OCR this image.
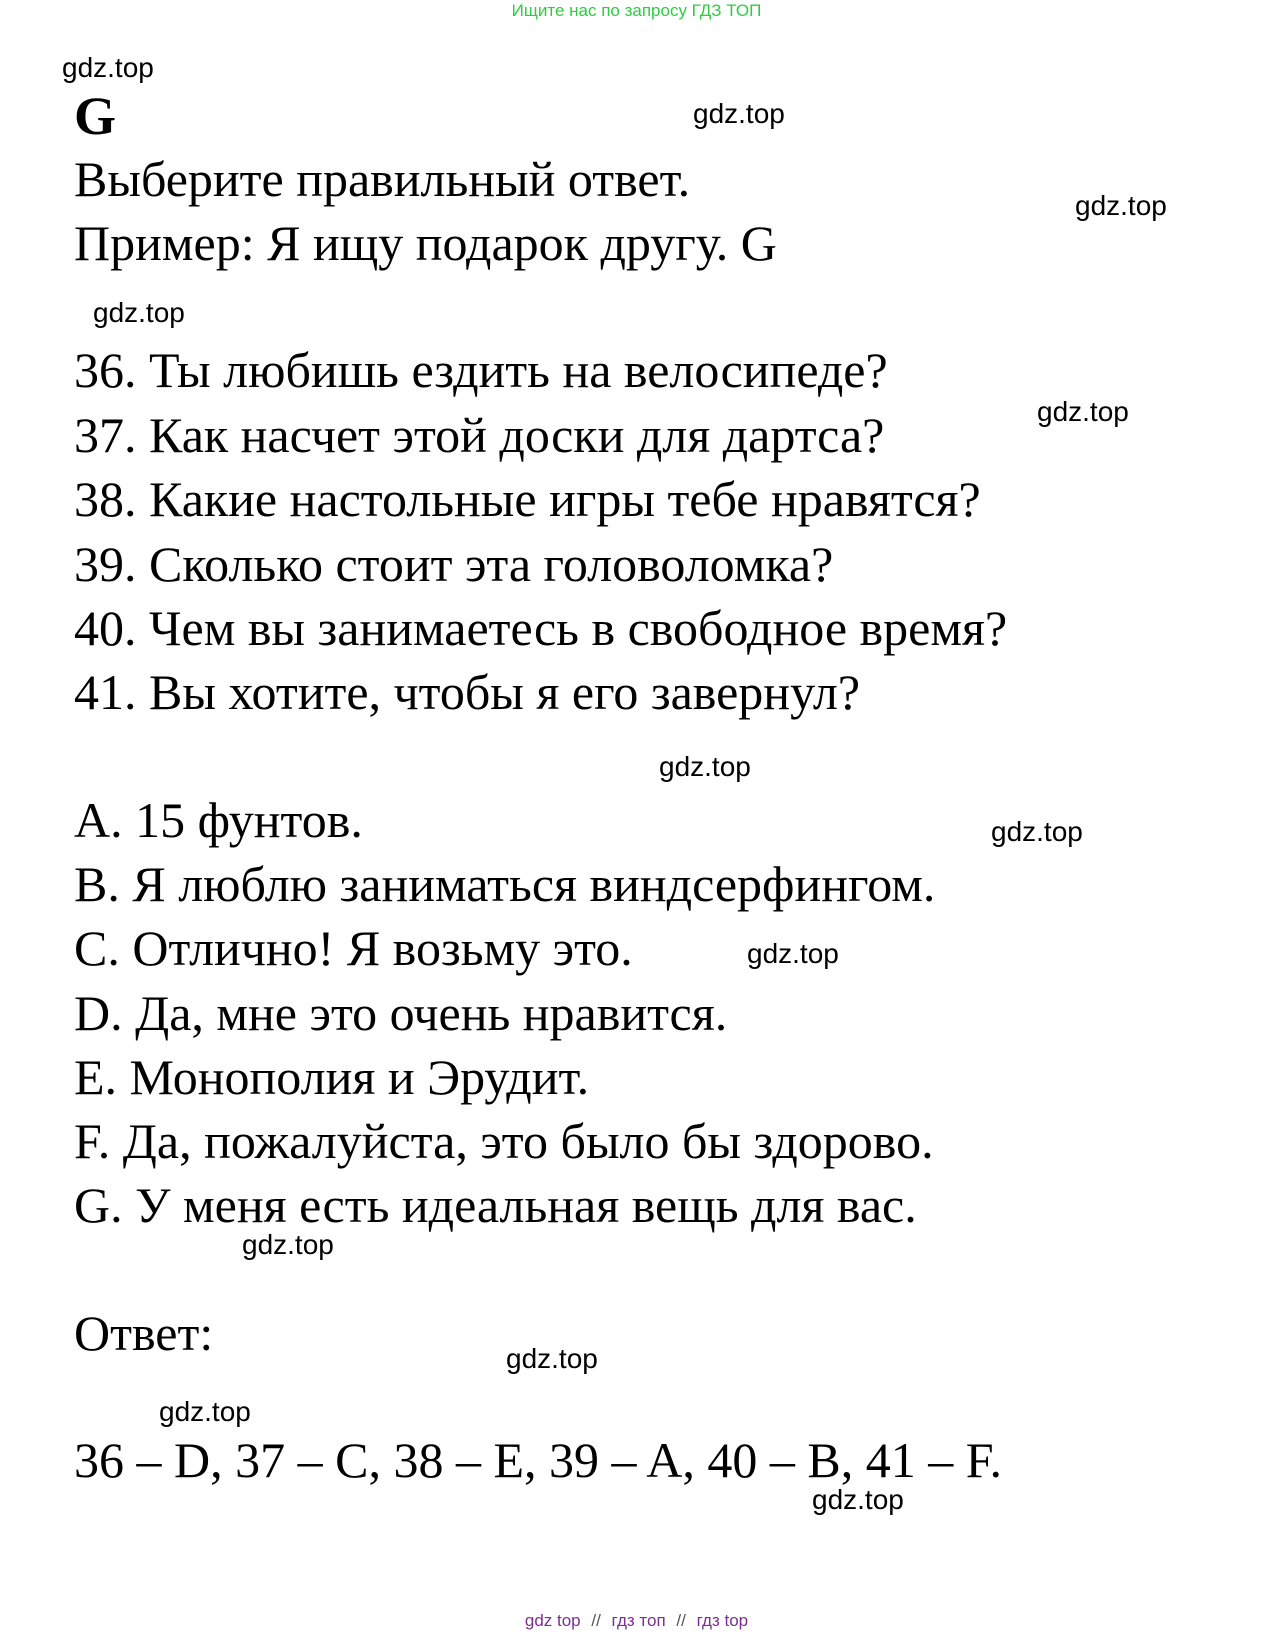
Ищите нас по запросу ГДЗ ТОП
gdz.top
gdz.top
gdz.top
gdz.top
gdz.top
gdz.top
gdz.top
gdz.top
gdz.top
gdz.top
gdz.top
gdz.top
G
Выберите правильный ответ.
Пример: Я ищу подарок другу. G
36. Ты любишь ездить на велосипеде?
37. Как насчет этой доски для дартса?
38. Какие настольные игры тебе нравятся?
39. Сколько стоит эта головоломка?
40. Чем вы занимаетесь в свободное время?
41. Вы хотите, чтобы я его завернул?
A. 15 фунтов.
B. Я люблю заниматься виндсерфингом.
C. Отлично! Я возьму это.
D. Да, мне это очень нравится.
E. Монополия и Эрудит.
F. Да, пожалуйста, это было бы здорово.
G. У меня есть идеальная вещь для вас.
Ответ:
36 – D, 37 – C, 38 – E, 39 – A, 40 – B, 41 – F.
gdz top // гдз топ // гдз top
